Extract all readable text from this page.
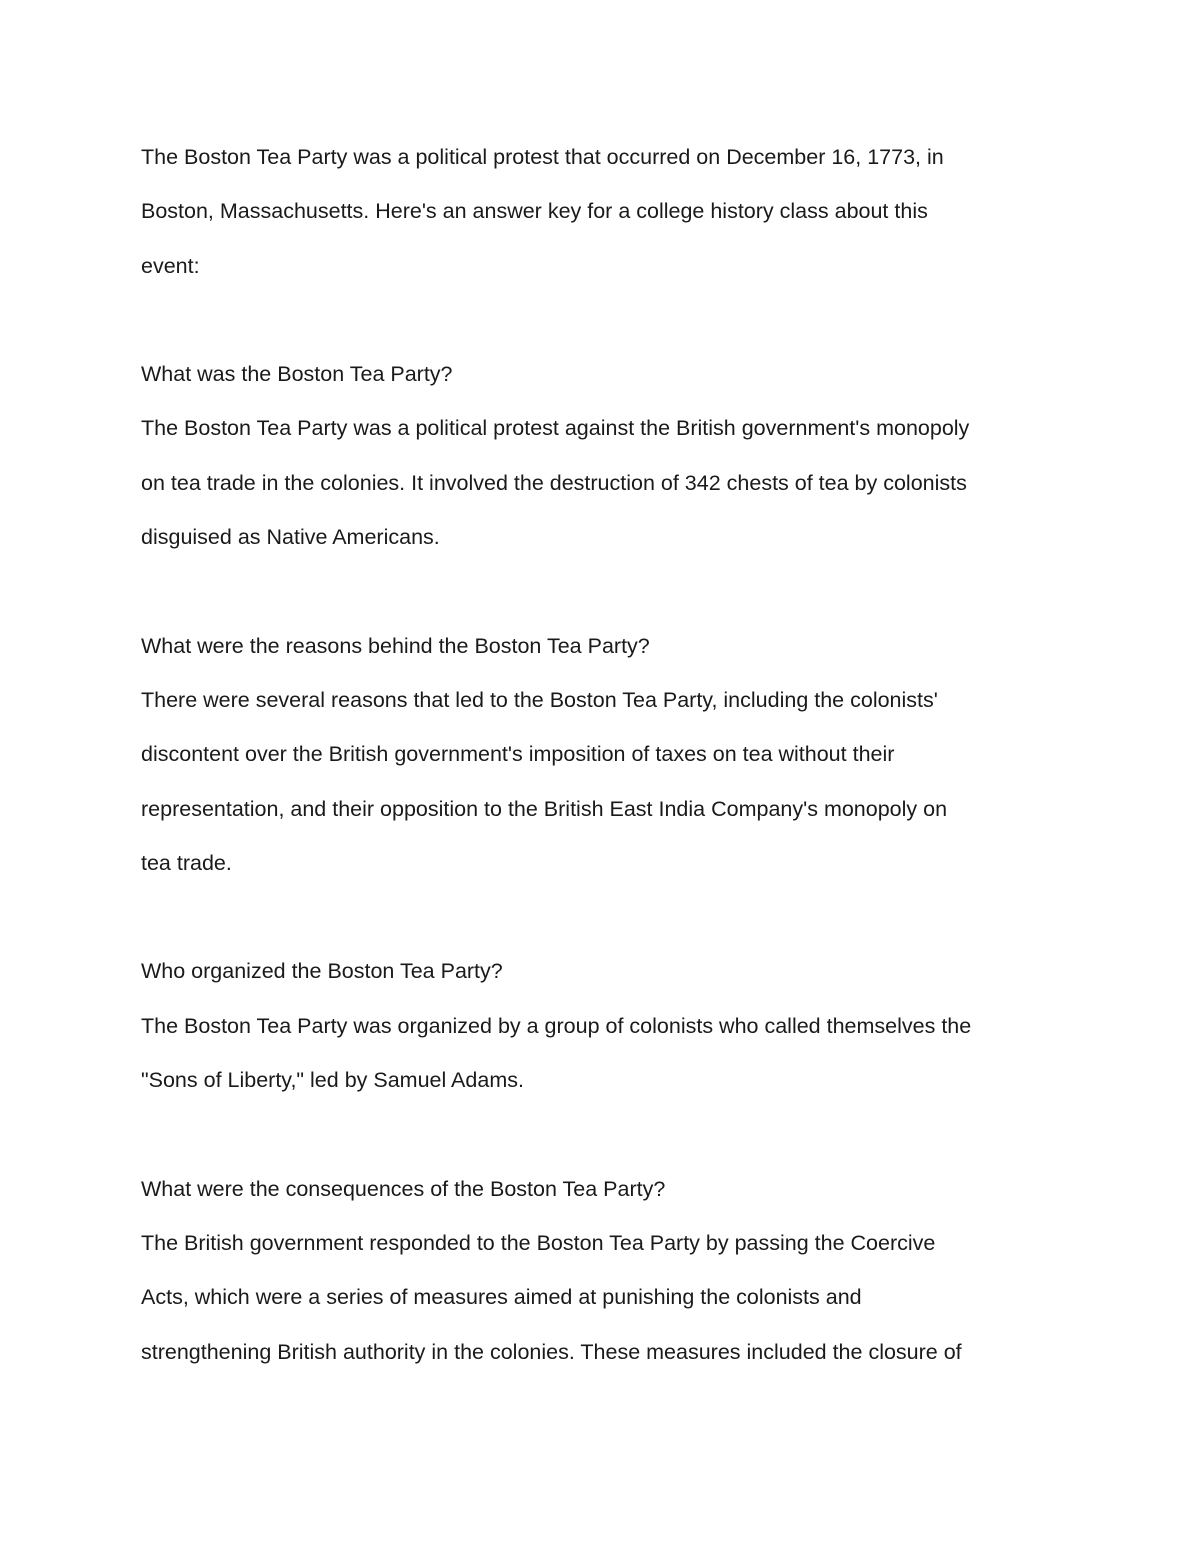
The Boston Tea Party was a political protest that occurred on December 16, 1773, in
Boston, Massachusetts. Here's an answer key for a college history class about this
event:
What was the Boston Tea Party?
The Boston Tea Party was a political protest against the British government's monopoly
on tea trade in the colonies. It involved the destruction of 342 chests of tea by colonists
disguised as Native Americans.
What were the reasons behind the Boston Tea Party?
There were several reasons that led to the Boston Tea Party, including the colonists'
discontent over the British government's imposition of taxes on tea without their
representation, and their opposition to the British East India Company's monopoly on
tea trade.
Who organized the Boston Tea Party?
The Boston Tea Party was organized by a group of colonists who called themselves the
"Sons of Liberty," led by Samuel Adams.
What were the consequences of the Boston Tea Party?
The British government responded to the Boston Tea Party by passing the Coercive
Acts, which were a series of measures aimed at punishing the colonists and
strengthening British authority in the colonies. These measures included the closure of
